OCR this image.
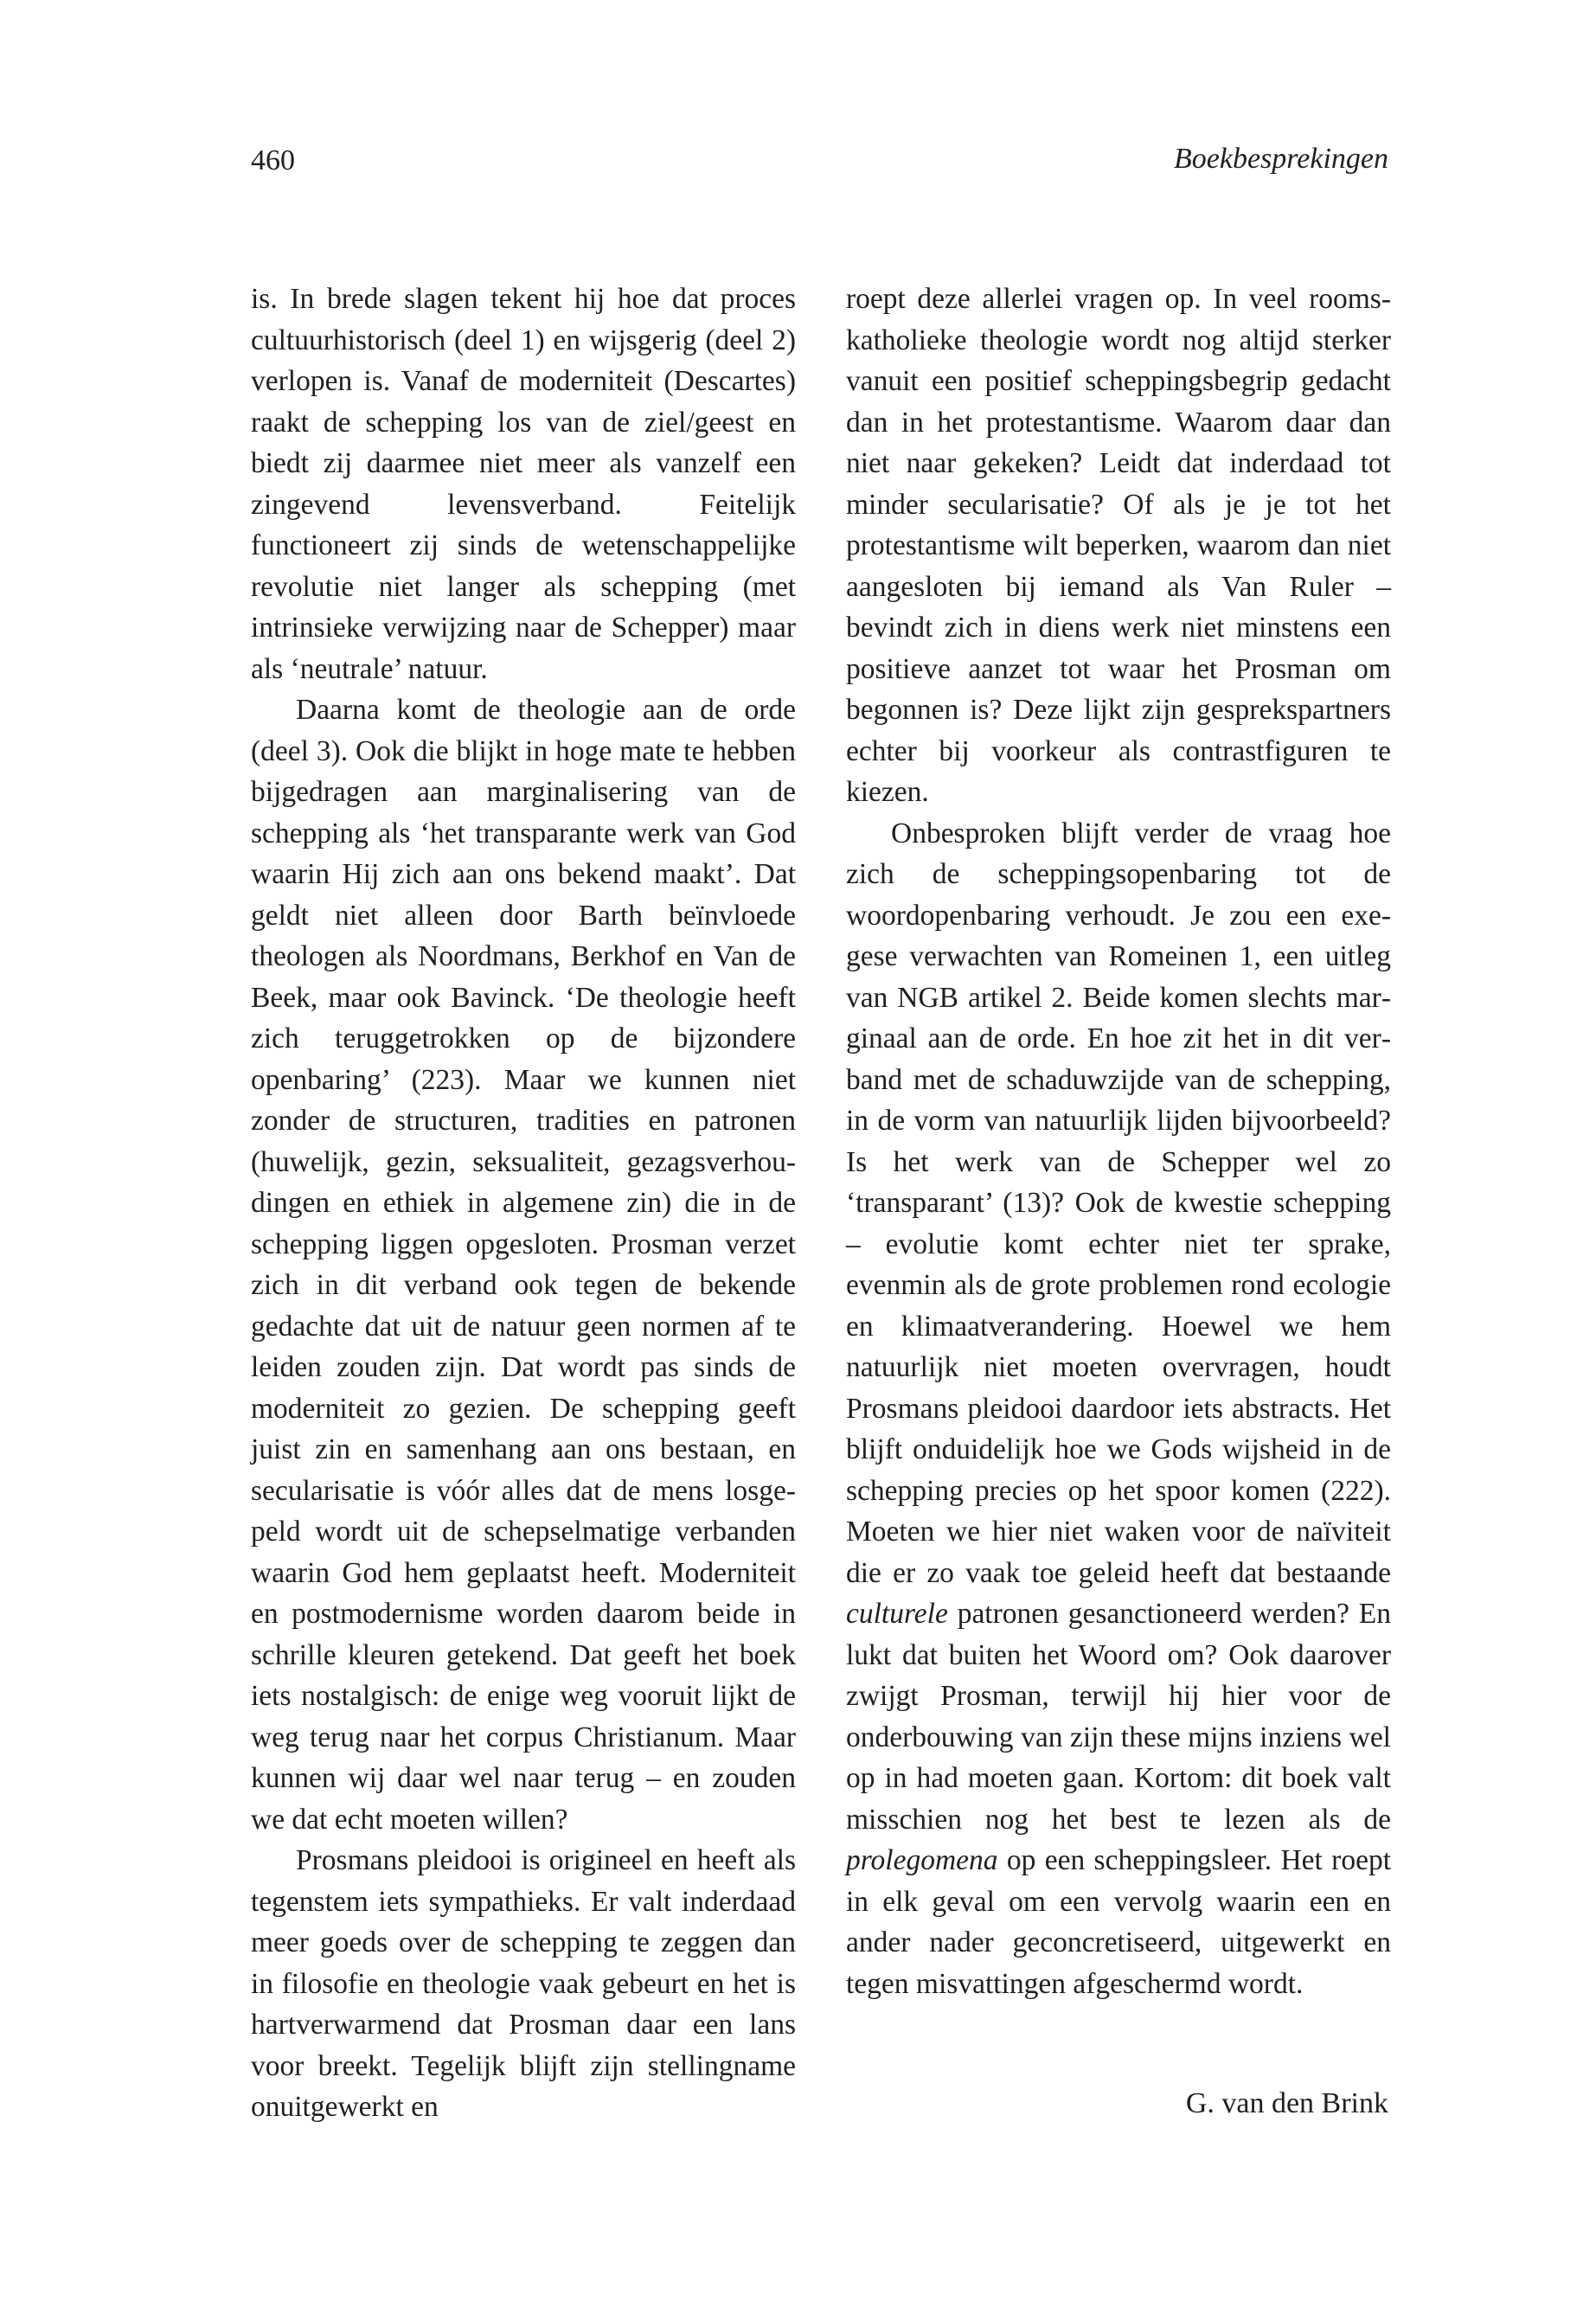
460	Boekbesprekingen

is. In brede slagen tekent hij hoe dat proces cultuurhistorisch (deel 1) en wijsgerig (deel 2) verlopen is. Vanaf de moderniteit (Descartes) raakt de schepping los van de ziel/geest en biedt zij daarmee niet meer als vanzelf een zingevend levensverband. Feitelijk functioneert zij sinds de wetenschappelijke revolutie niet langer als schepping (met intrinsieke verwijzing naar de Schepper) maar als ‘neutrale’ natuur.

Daarna komt de theologie aan de orde (deel 3). Ook die blijkt in hoge mate te hebben bijgedragen aan marginalisering van de schepping als ‘het transparante werk van God waarin Hij zich aan ons bekend maakt’. Dat geldt niet alleen door Barth beïnvloede theologen als Noordmans, Berkhof en Van de Beek, maar ook Bavinck. ‘De theologie heeft zich teruggetrokken op de bijzondere openbaring’ (223). Maar we kunnen niet zonder de structuren, tradities en patronen (huwelijk, gezin, seksualiteit, gezagsverhoudingen en ethiek in algemene zin) die in de schepping liggen opgesloten. Prosman verzet zich in dit verband ook tegen de bekende gedachte dat uit de natuur geen normen af te leiden zouden zijn. Dat wordt pas sinds de moderniteit zo gezien. De schepping geeft juist zin en samenhang aan ons bestaan, en secularisatie is vóór alles dat de mens losgepeld wordt uit de schepselmatige verbanden waarin God hem geplaatst heeft. Moderniteit en postmodernisme worden daarom beide in schrille kleuren getekend. Dat geeft het boek iets nostalgisch: de enige weg vooruit lijkt de weg terug naar het corpus Christianum. Maar kunnen wij daar wel naar terug – en zouden we dat echt moeten willen?

Prosmans pleidooi is origineel en heeft als tegenstem iets sympathieks. Er valt inderdaad meer goeds over de schepping te zeggen dan in filosofie en theologie vaak gebeurt en het is hartverwarmend dat Prosman daar een lans voor breekt. Tegelijk blijft zijn stellingname onuitgewerkt en

roept deze allerlei vragen op. In veel rooms-katholieke theologie wordt nog altijd sterker vanuit een positief scheppingsbegrip gedacht dan in het protestantisme. Waarom daar dan niet naar gekeken? Leidt dat inderdaad tot minder secularisatie? Of als je je tot het protestantisme wilt beperken, waarom dan niet aangesloten bij iemand als Van Ruler – bevindt zich in diens werk niet minstens een positieve aanzet tot waar het Prosman om begonnen is? Deze lijkt zijn gesprekspartners echter bij voorkeur als contrastfiguren te kiezen.

Onbesproken blijft verder de vraag hoe zich de scheppingsopenbaring tot de woordopenbaring verhoudt. Je zou een exegese verwachten van Romeinen 1, een uitleg van NGB artikel 2. Beide komen slechts marginaal aan de orde. En hoe zit het in dit verband met de schaduwzijde van de schepping, in de vorm van natuurlijk lijden bijvoorbeeld? Is het werk van de Schepper wel zo ‘transparant’ (13)? Ook de kwestie schepping – evolutie komt echter niet ter sprake, evenmin als de grote problemen rond ecologie en klimaatverandering. Hoewel we hem natuurlijk niet moeten overvragen, houdt Prosmans pleidooi daardoor iets abstracts. Het blijft onduidelijk hoe we Gods wijsheid in de schepping precies op het spoor komen (222). Moeten we hier niet waken voor de naïviteit die er zo vaak toe geleid heeft dat bestaande culturele patronen gesanctioneerd werden? En lukt dat buiten het Woord om? Ook daarover zwijgt Prosman, terwijl hij hier voor de onderbouwing van zijn these mijns inziens wel op in had moeten gaan. Kortom: dit boek valt misschien nog het best te lezen als de prolegomena op een scheppingsleer. Het roept in elk geval om een vervolg waarin een en ander nader geconcretiseerd, uitgewerkt en tegen misvattingen afgeschermd wordt.

G. van den Brink
